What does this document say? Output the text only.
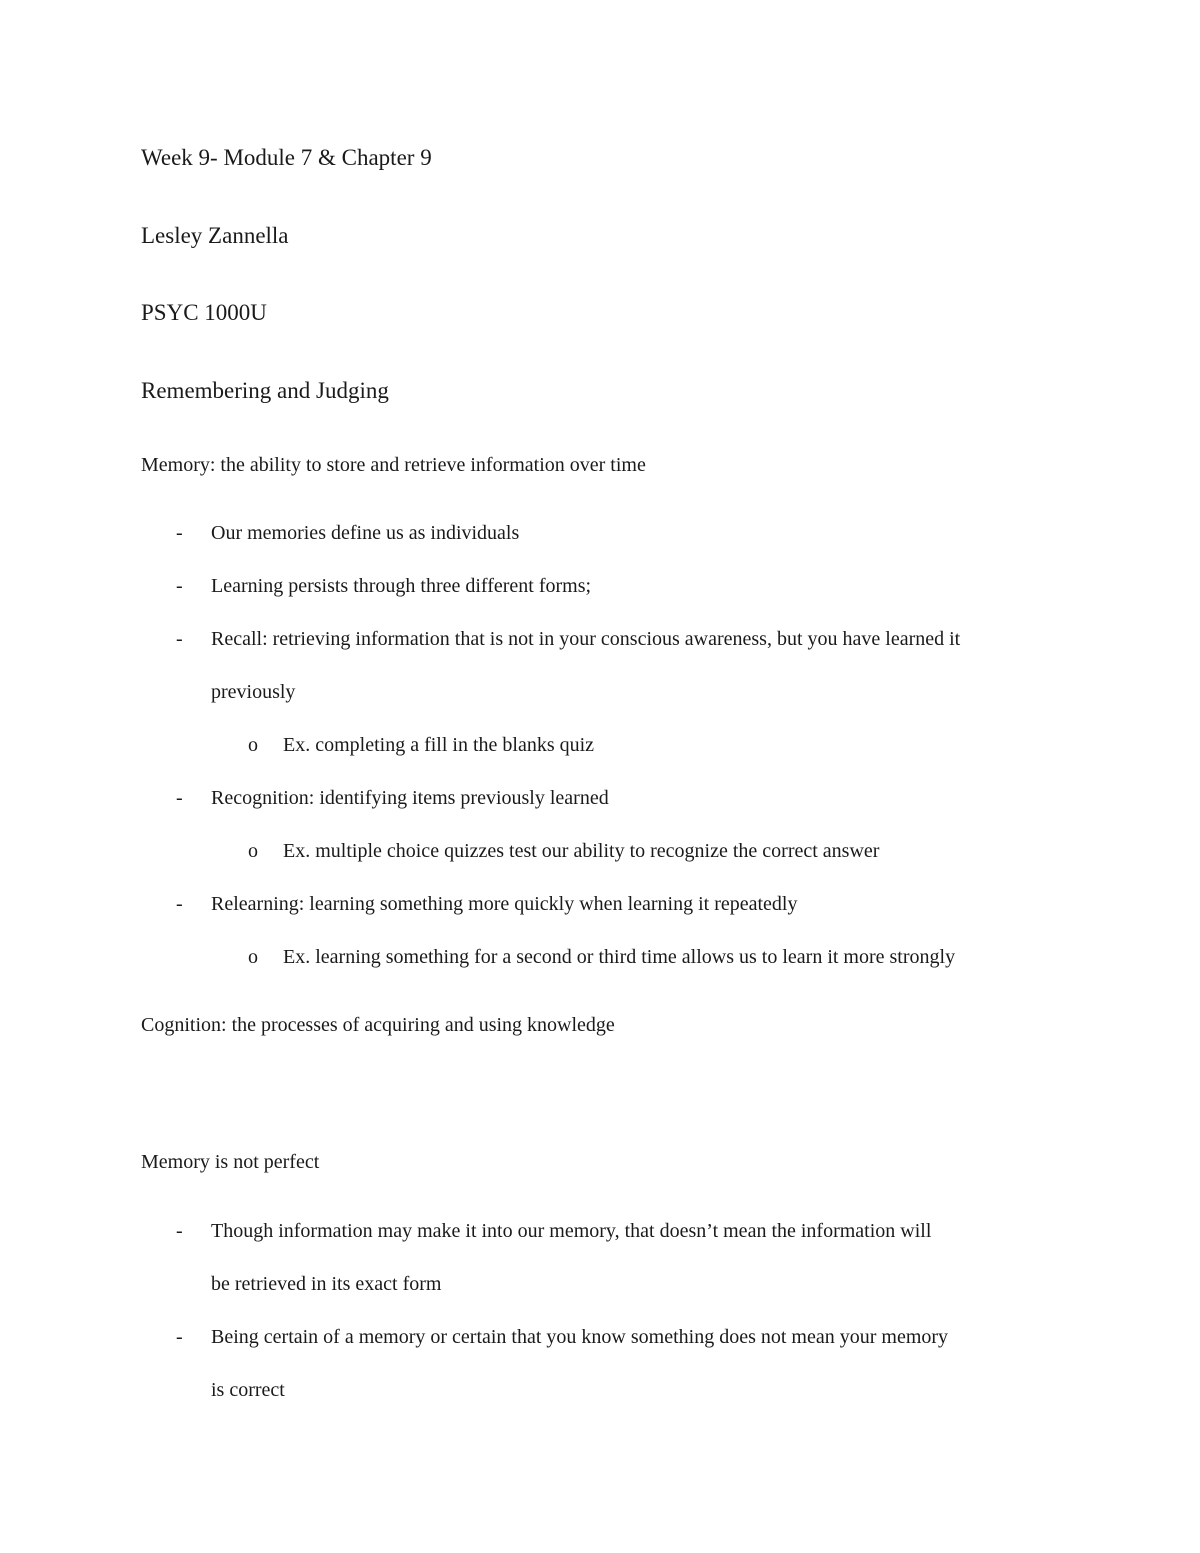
Week 9- Module 7 & Chapter 9
Lesley Zannella
PSYC 1000U
Remembering and Judging
Memory: the ability to store and retrieve information over time
- Our memories define us as individuals
- Learning persists through three different forms;
- Recall: retrieving information that is not in your conscious awareness, but you have learned it
previously
o Ex. completing a fill in the blanks quiz
- Recognition: identifying items previously learned
o Ex. multiple choice quizzes test our ability to recognize the correct answer
- Relearning: learning something more quickly when learning it repeatedly
o Ex. learning something for a second or third time allows us to learn it more strongly
Cognition: the processes of acquiring and using knowledge
Memory is not perfect
- Though information may make it into our memory, that doesn’t mean the information will
be retrieved in its exact form
- Being certain of a memory or certain that you know something does not mean your memory
is correct
